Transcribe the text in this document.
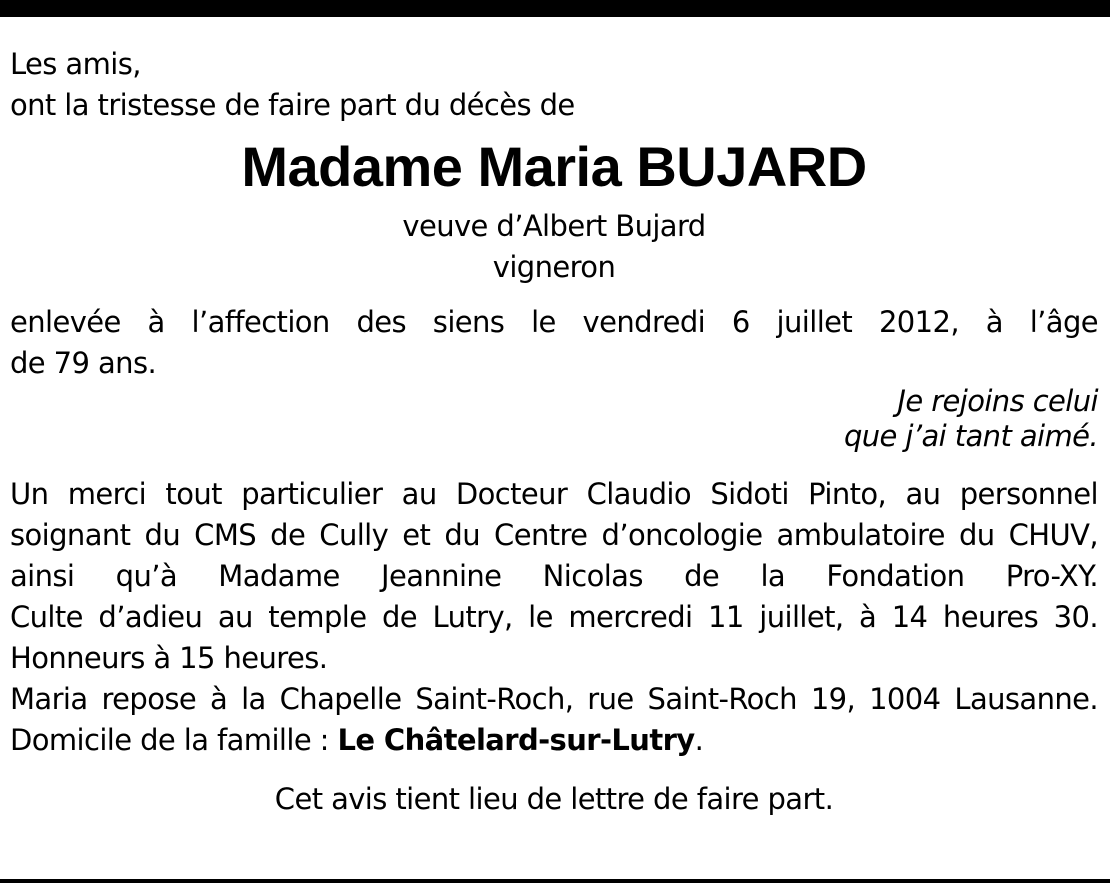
Les amis,
ont la tristesse de faire part du décès de
Madame Maria BUJARD
veuve d’Albert Bujard
vigneron
enlevée à l’affection des siens le vendredi 6 juillet 2012, à l’âge
de 79 ans.
Je rejoins celui
que j’ai tant aimé.
Un merci tout particulier au Docteur Claudio Sidoti Pinto, au personnel
soignant du CMS de Cully et du Centre d’oncologie ambulatoire du CHUV,
ainsi qu’à Madame Jeannine Nicolas de la Fondation Pro-XY.
Culte d’adieu au temple de Lutry, le mercredi 11 juillet, à 14 heures 30.
Honneurs à 15 heures.
Maria repose à la Chapelle Saint-Roch, rue Saint-Roch 19, 1004 Lausanne.
Domicile de la famille : Le Châtelard-sur-Lutry.
Cet avis tient lieu de lettre de faire part.
